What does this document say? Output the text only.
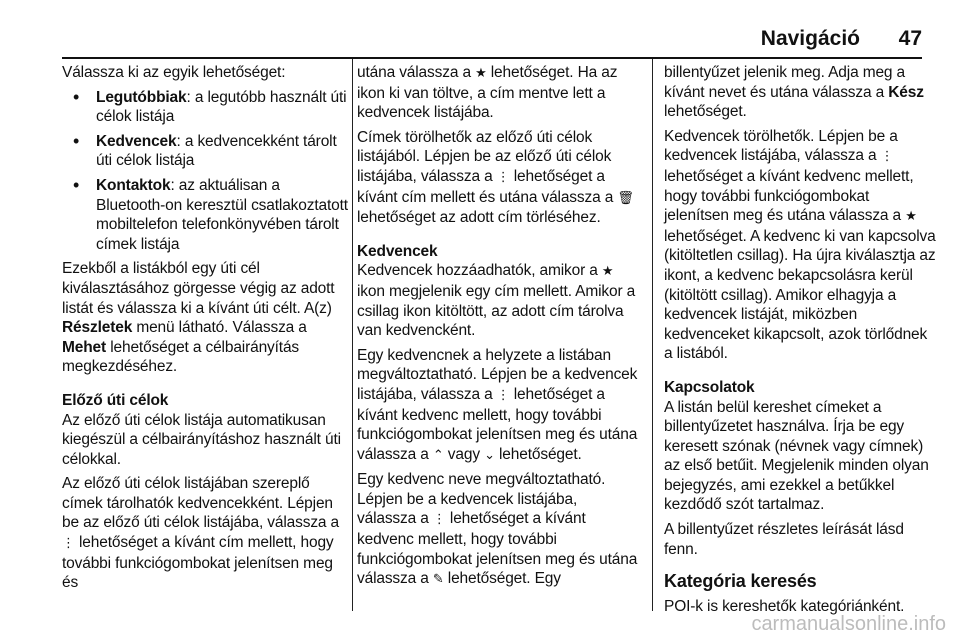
Navigáció 47

Válassza ki az egyik lehetőséget:

• Legutóbbiak: a legutóbb használt úti célok listája
• Kedvencek: a kedvencekként tárolt úti célok listája
• Kontaktok: az aktuálisan a Bluetooth-on keresztül csatlakoztatott mobiltelefon telefonkönyvében tárolt címek listája

Ezekből a listákból egy úti cél kiválasztásához görgesse végig az adott listát és válassza ki a kívánt úti célt. A(z) Részletek menü látható. Válassza a Mehet lehetőséget a célbairányítás megkezdéséhez.

Előző úti célok

Az előző úti célok listája automatikusan kiegészül a célbairányításhoz használt úti célokkal.

Az előző úti célok listájában szereplő címek tárolhatók kedvencekként. Lépjen be az előző úti célok listájába, válassza a ⋮ lehetőséget a kívánt cím mellett, hogy további funkciógombokat jelenítsen meg és

utána válassza a ★ lehetőséget. Ha az ikon ki van töltve, a cím mentve lett a kedvencek listájába.

Címek törölhetők az előző úti célok listájából. Lépjen be az előző úti célok listájába, válassza a ⋮ lehetőséget a kívánt cím mellett és utána válassza a 🗑 lehetőséget az adott cím törléséhez.

Kedvencek

Kedvencek hozzáadhatók, amikor a ★ ikon megjelenik egy cím mellett. Amikor a csillag ikon kitöltött, az adott cím tárolva van kedvencként.

Egy kedvencnek a helyzete a listában megváltoztatható. Lépjen be a kedvencek listájába, válassza a ⋮ lehetőséget a kívánt kedvenc mellett, hogy további funkciógombokat jelenítsen meg és utána válassza a ⌃ vagy ⌄ lehetőséget.

Egy kedvenc neve megváltoztatható. Lépjen be a kedvencek listájába, válassza a ⋮ lehetőséget a kívánt kedvenc mellett, hogy további funkciógombokat jelenítsen meg és utána válassza a ✎ lehetőséget. Egy

billentyűzet jelenik meg. Adja meg a kívánt nevet és utána válassza a Kész lehetőséget.

Kedvencek törölhetők. Lépjen be a kedvencek listájába, válassza a ⋮ lehetőséget a kívánt kedvenc mellett, hogy további funkciógombokat jelenítsen meg és utána válassza a ★ lehetőséget. A kedvenc ki van kapcsolva (kitöltetlen csillag). Ha újra kiválasztja az ikont, a kedvenc bekapcsolásra kerül (kitöltött csillag). Amikor elhagyja a kedvencek listáját, miközben kedvenceket kikapcsolt, azok törlődnek a listából.

Kapcsolatok

A listán belül kereshet címeket a billentyűzetet használva. Írja be egy keresett szónak (névnek vagy címnek) az első betűit. Megjelenik minden olyan bejegyzés, ami ezekkel a betűkkel kezdődő szót tartalmaz.

A billentyűzet részletes leírását lásd fenn.

Kategória keresés

POI-k is kereshetők kategóriánként.

carmanualsonline.info
